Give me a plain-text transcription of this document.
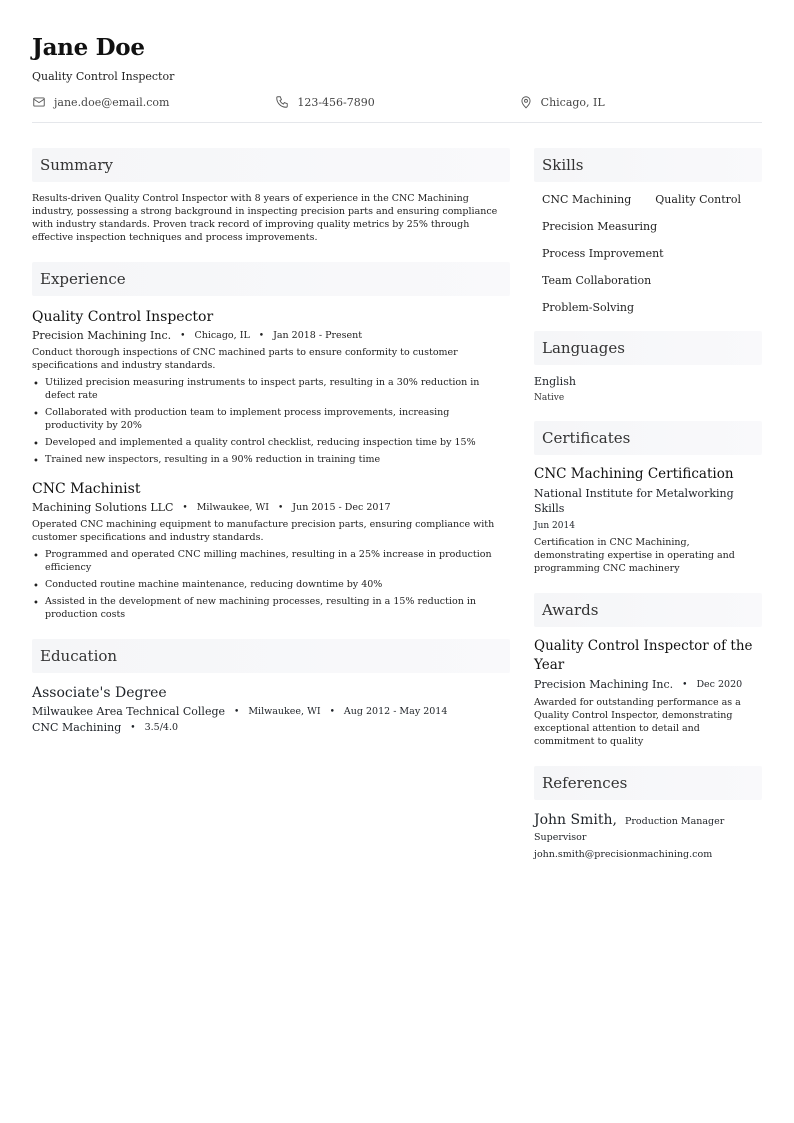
Jane Doe
Quality Control Inspector
jane.doe@email.com	123-456-7890	Chicago, IL
Summary
Results-driven Quality Control Inspector with 8 years of experience in the CNC Machining industry, possessing a strong background in inspecting precision parts and ensuring compliance with industry standards. Proven track record of improving quality metrics by 25% through effective inspection techniques and process improvements.
Experience
Quality Control Inspector
Precision Machining Inc. • Chicago, IL • Jan 2018 - Present
Conduct thorough inspections of CNC machined parts to ensure conformity to customer specifications and industry standards.
• Utilized precision measuring instruments to inspect parts, resulting in a 30% reduction in defect rate
• Collaborated with production team to implement process improvements, increasing productivity by 20%
• Developed and implemented a quality control checklist, reducing inspection time by 15%
• Trained new inspectors, resulting in a 90% reduction in training time
CNC Machinist
Machining Solutions LLC • Milwaukee, WI • Jun 2015 - Dec 2017
Operated CNC machining equipment to manufacture precision parts, ensuring compliance with customer specifications and industry standards.
• Programmed and operated CNC milling machines, resulting in a 25% increase in production efficiency
• Conducted routine machine maintenance, reducing downtime by 40%
• Assisted in the development of new machining processes, resulting in a 15% reduction in production costs
Education
Associate's Degree
Milwaukee Area Technical College • Milwaukee, WI • Aug 2012 - May 2014
CNC Machining • 3.5/4.0
Skills
CNC Machining	Quality Control
Precision Measuring
Process Improvement
Team Collaboration
Problem-Solving
Languages
English
Native
Certificates
CNC Machining Certification
National Institute for Metalworking Skills
Jun 2014
Certification in CNC Machining, demonstrating expertise in operating and programming CNC machinery
Awards
Quality Control Inspector of the Year
Precision Machining Inc. • Dec 2020
Awarded for outstanding performance as a Quality Control Inspector, demonstrating exceptional attention to detail and commitment to quality
References
John Smith, Production Manager
Supervisor
john.smith@precisionmachining.com
